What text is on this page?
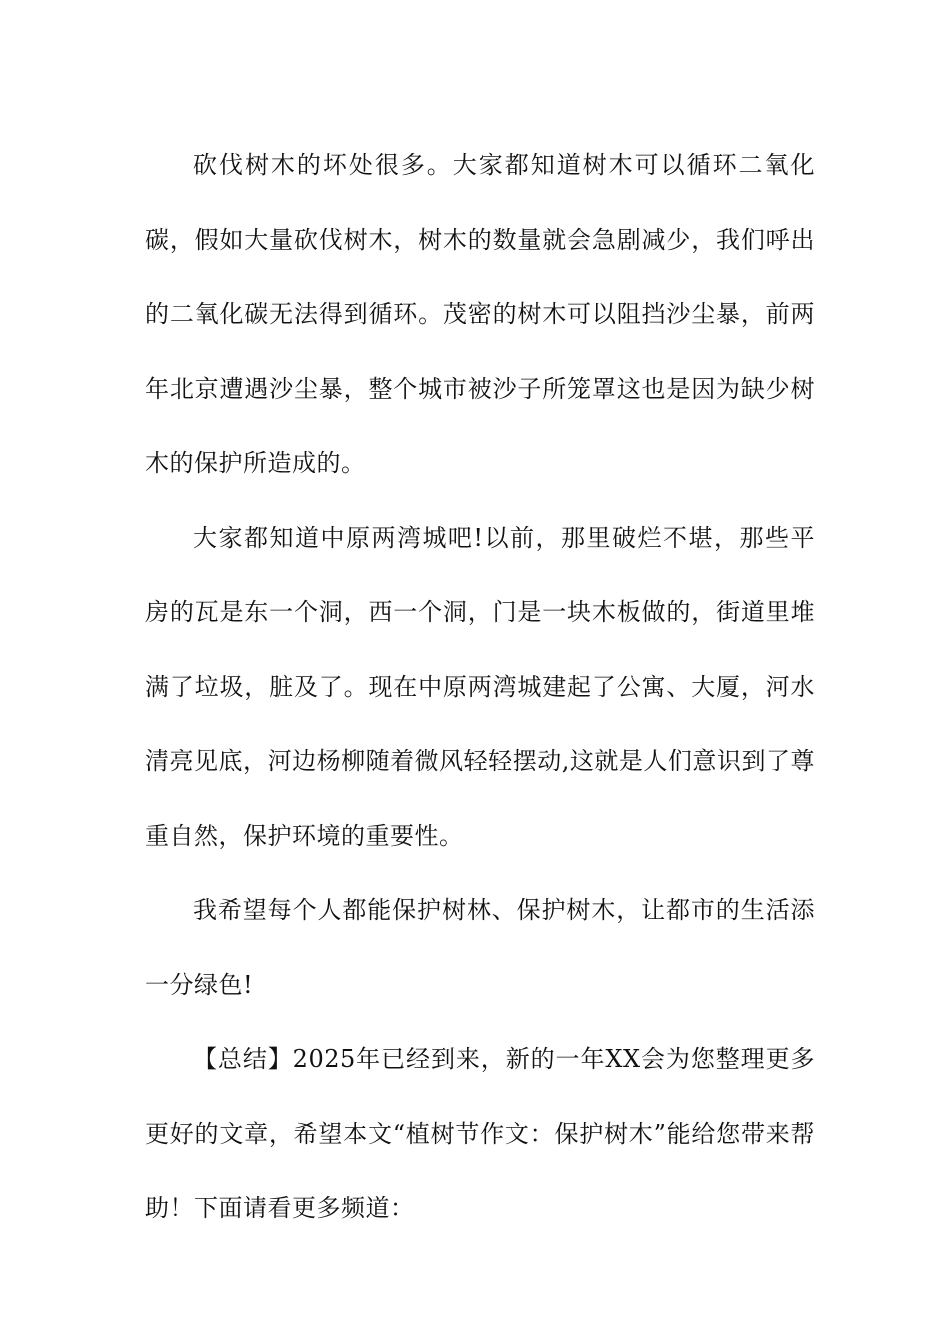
砍伐树木的坏处很多。大家都知道树木可以循环二氧化碳，假如大量砍伐树木，树木的数量就会急剧减少，我们呼出的二氧化碳无法得到循环。茂密的树木可以阻挡沙尘暴，前两年北京遭遇沙尘暴，整个城市被沙子所笼罩这也是因为缺少树木的保护所造成的。

大家都知道中原两湾城吧!以前，那里破烂不堪，那些平房的瓦是东一个洞，西一个洞，门是一块木板做的，街道里堆满了垃圾，脏及了。现在中原两湾城建起了公寓、大厦，河水清亮见底，河边杨柳随着微风轻轻摆动,这就是人们意识到了尊重自然，保护环境的重要性。

我希望每个人都能保护树林、保护树木，让都市的生活添一分绿色!

【总结】2025年已经到来，新的一年XX会为您整理更多更好的文章，希望本文“植树节作文：保护树木”能给您带来帮助！下面请看更多频道：
